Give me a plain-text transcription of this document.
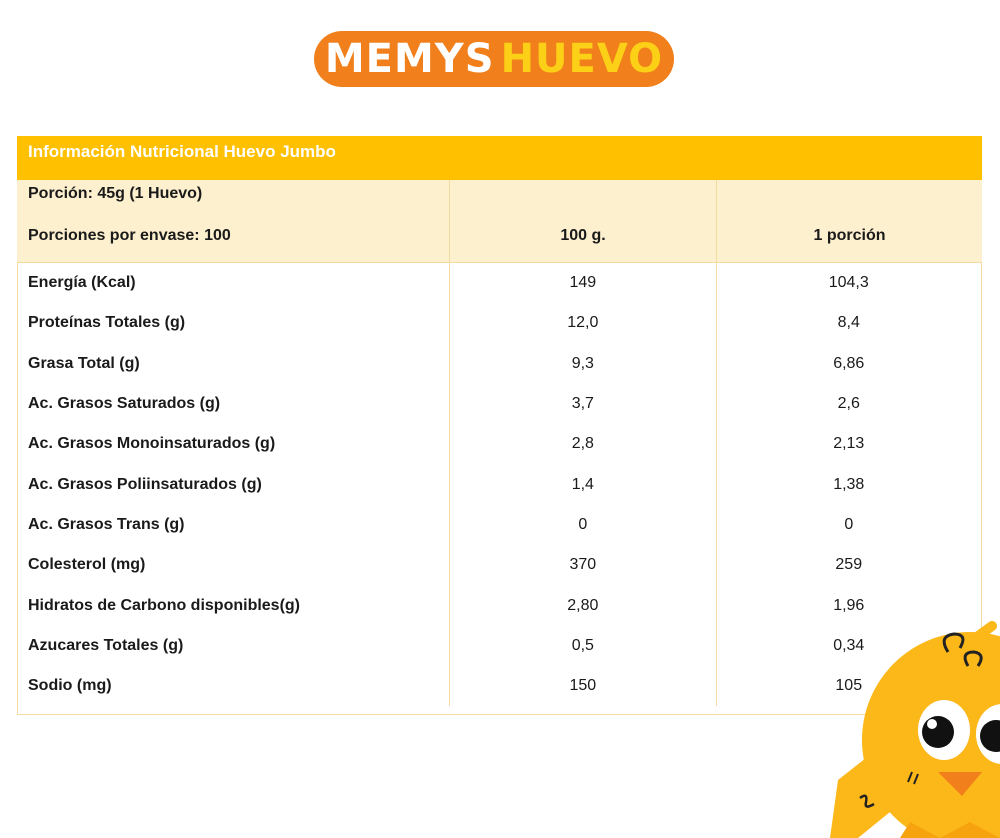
MEMYS HUEVO
Información Nutricional Huevo Jumbo
Porción: 45g (1 Huevo)
Porciones por envase: 100	100 g.	1 porción
Energía (Kcal)	149	104,3
Proteínas Totales (g)	12,0	8,4
Grasa Total (g)	9,3	6,86
Ac. Grasos Saturados (g)	3,7	2,6
Ac. Grasos Monoinsaturados (g)	2,8	2,13
Ac. Grasos Poliinsaturados (g)	1,4	1,38
Ac. Grasos Trans (g)	0	0
Colesterol (mg)	370	259
Hidratos de Carbono disponibles(g)	2,80	1,96
Azucares Totales (g)	0,5	0,34
Sodio (mg)	150	105
